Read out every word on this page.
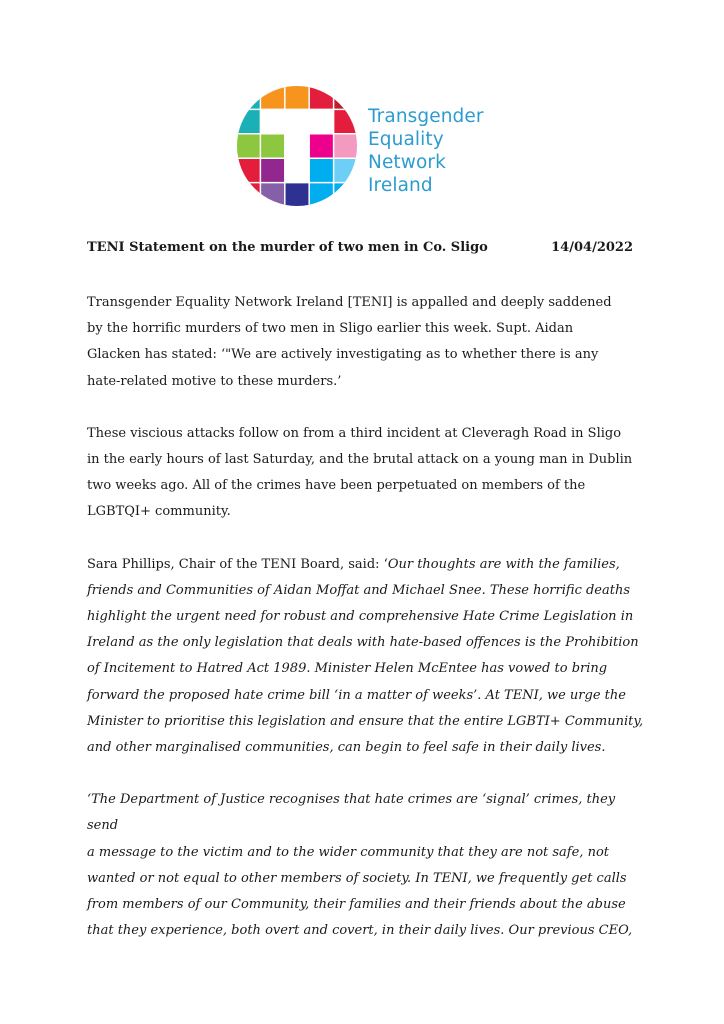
Transgender
Equality
Network
Ireland
TENI Statement on the murder of two men in Co. Sligo	14/04/2022

Transgender Equality Network Ireland [TENI] is appalled and deeply saddened
by the horrific murders of two men in Sligo earlier this week. Supt. Aidan
Glacken has stated: ‘"We are actively investigating as to whether there is any
hate-related motive to these murders.’

These viscious attacks follow on from a third incident at Cleveragh Road in Sligo
in the early hours of last Saturday, and the brutal attack on a young man in Dublin
two weeks ago. All of the crimes have been perpetuated on members of the
LGBTQI+ community.

Sara Phillips, Chair of the TENI Board, said: ‘Our thoughts are with the families,
friends and Communities of Aidan Moffat and Michael Snee. These horrific deaths
highlight the urgent need for robust and comprehensive Hate Crime Legislation in
Ireland as the only legislation that deals with hate-based offences is the Prohibition
of Incitement to Hatred Act 1989. Minister Helen McEntee has vowed to bring
forward the proposed hate crime bill ‘in a matter of weeks’. At TENI, we urge the
Minister to prioritise this legislation and ensure that the entire LGBTI+ Community,
and other marginalised communities, can begin to feel safe in their daily lives.

‘The Department of Justice recognises that hate crimes are ‘signal’ crimes, they send
a message to the victim and to the wider community that they are not safe, not
wanted or not equal to other members of society. In TENI, we frequently get calls
from members of our Community, their families and their friends about the abuse
that they experience, both overt and covert, in their daily lives. Our previous CEO,
